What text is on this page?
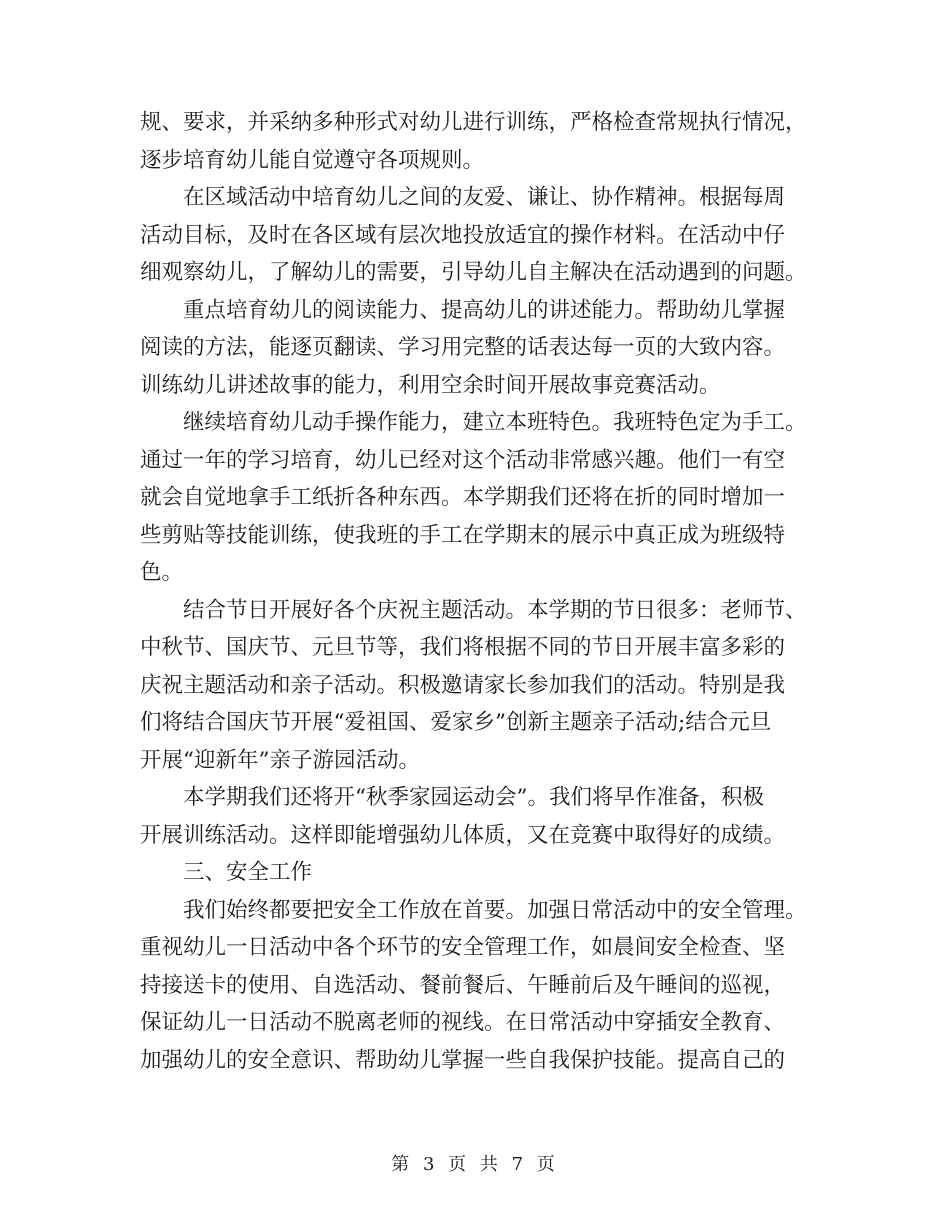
规、要求，并采纳多种形式对幼儿进行训练，严格检查常规执行情况，
逐步培育幼儿能自觉遵守各项规则。
在区域活动中培育幼儿之间的友爱、谦让、协作精神。根据每周
活动目标，及时在各区域有层次地投放适宜的操作材料。在活动中仔
细观察幼儿，了解幼儿的需要，引导幼儿自主解决在活动遇到的问题。
重点培育幼儿的阅读能力、提高幼儿的讲述能力。帮助幼儿掌握
阅读的方法，能逐页翻读、学习用完整的话表达每一页的大致内容。
训练幼儿讲述故事的能力，利用空余时间开展故事竞赛活动。
继续培育幼儿动手操作能力，建立本班特色。我班特色定为手工。
通过一年的学习培育，幼儿已经对这个活动非常感兴趣。他们一有空
就会自觉地拿手工纸折各种东西。本学期我们还将在折的同时增加一
些剪贴等技能训练，使我班的手工在学期末的展示中真正成为班级特
色。
结合节日开展好各个庆祝主题活动。本学期的节日很多：老师节、
中秋节、国庆节、元旦节等，我们将根据不同的节日开展丰富多彩的
庆祝主题活动和亲子活动。积极邀请家长参加我们的活动。特别是我
们将结合国庆节开展“爱祖国、爱家乡”创新主题亲子活动;结合元旦
开展“迎新年”亲子游园活动。
本学期我们还将开“秋季家园运动会”。我们将早作准备，积极
开展训练活动。这样即能增强幼儿体质，又在竞赛中取得好的成绩。
三、安全工作
我们始终都要把安全工作放在首要。加强日常活动中的安全管理。
重视幼儿一日活动中各个环节的安全管理工作，如晨间安全检查、坚
持接送卡的使用、自选活动、餐前餐后、午睡前后及午睡间的巡视，
保证幼儿一日活动不脱离老师的视线。在日常活动中穿插安全教育、
加强幼儿的安全意识、帮助幼儿掌握一些自我保护技能。提高自己的
第 3 页 共 7 页
